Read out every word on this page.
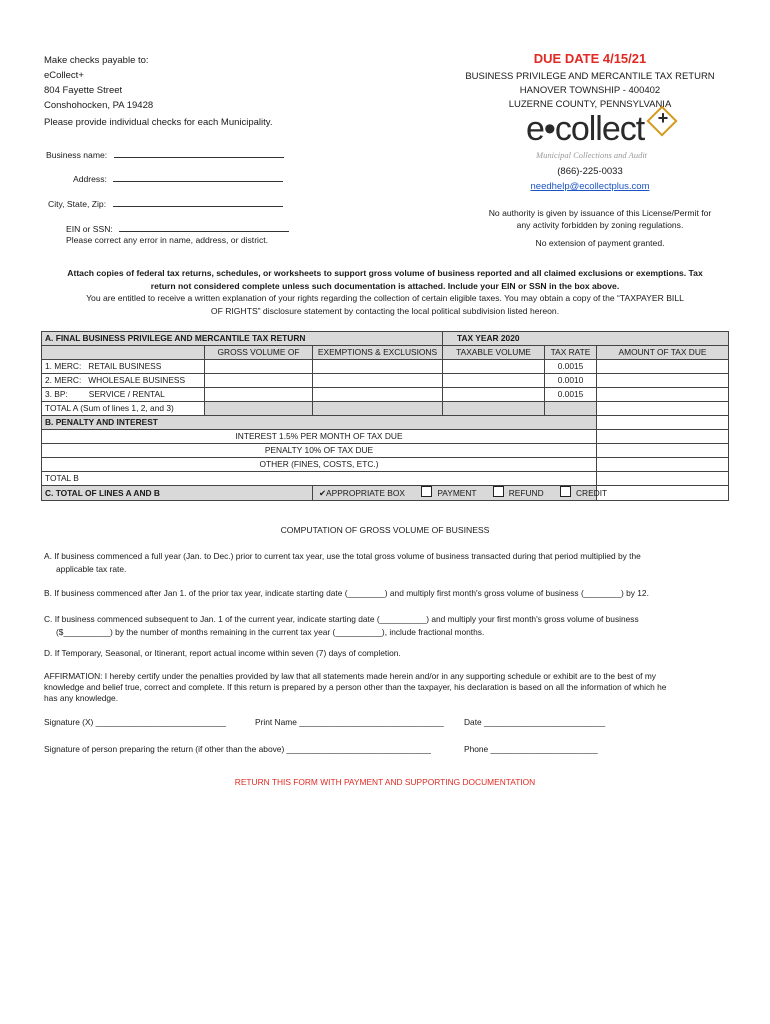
Make checks payable to:
eCollect+
804 Fayette Street
Conshohocken, PA 19428
Please provide individual checks for each Municipality.
DUE DATE 4/15/21
BUSINESS PRIVILEGE AND MERCANTILE TAX RETURN
HANOVER TOWNSHIP - 400402
LUZERNE COUNTY, PENNSYLVANIA
e•collect +
Municipal Collections and Audit
(866)-225-0033
needhelp@ecollectplus.com
No authority is given by issuance of this License/Permit for
any activity forbidden by zoning regulations.
No extension of payment granted.
Business name:
Address:
City, State, Zip:
EIN or SSN:
Please correct any error in name, address, or district.
Attach copies of federal tax returns, schedules, or worksheets to support gross volume of business reported and all claimed exclusions or exemptions. Tax
return not considered complete unless such documentation is attached. Include your EIN or SSN in the box above.
You are entitled to receive a written explanation of your rights regarding the collection of certain eligible taxes. You may obtain a copy of the “TAXPAYER BILL
OF RIGHTS” disclosure statement by contacting the local political subdivision listed hereon.
A. FINAL BUSINESS PRIVILEGE AND MERCANTILE TAX RETURN			TAX YEAR 2020		
	GROSS VOLUME OF	EXEMPTIONS & EXCLUSIONS	TAXABLE VOLUME	TAX RATE	AMOUNT OF TAX DUE
1. MERC:   RETAIL BUSINESS				0.0015	
2. MERC:   WHOLESALE BUSINESS				0.0010	
3. BP:         SERVICE / RENTAL				0.0015	
TOTAL A (Sum of lines 1, 2, and 3)					
B. PENALTY AND INTEREST					
INTEREST 1.5% PER MONTH OF TAX DUE					
PENALTY 10% OF TAX DUE					
OTHER (FINES, COSTS, ETC.)					
TOTAL B					
C. TOTAL OF LINES A AND B		✔APPROPRIATE BOX PAYMENT REFUND CREDIT			
COMPUTATION OF GROSS VOLUME OF BUSINESS
A. If business commenced a full year (Jan. to Dec.) prior to current tax year, use the total gross volume of business transacted during that period multiplied by the
applicable tax rate.
B. If business commenced after Jan 1. of the prior tax year, indicate starting date (________) and multiply first month's gross volume of business (________) by 12.
C. If business commenced subsequent to Jan. 1 of the current year, indicate starting date (__________) and multiply your first month's gross volume of business
($__________) by the number of months remaining in the current tax year (__________), include fractional months.
D. If Temporary, Seasonal, or Itinerant, report actual income within seven (7) days of completion.
AFFIRMATION: I hereby certify under the penalties provided by law that all statements made herein and/or in any supporting schedule or exhibit are to the best of my
knowledge and belief true, correct and complete. If this return is prepared by a person other than the taxpayer, his declaration is based on all the information of which he
has any knowledge.
Signature (X) ____________________________	Print Name _______________________________ Date __________________________
Signature of person preparing the return (if other than the above) _______________________________	Phone _______________________
RETURN THIS FORM WITH PAYMENT AND SUPPORTING DOCUMENTATION
